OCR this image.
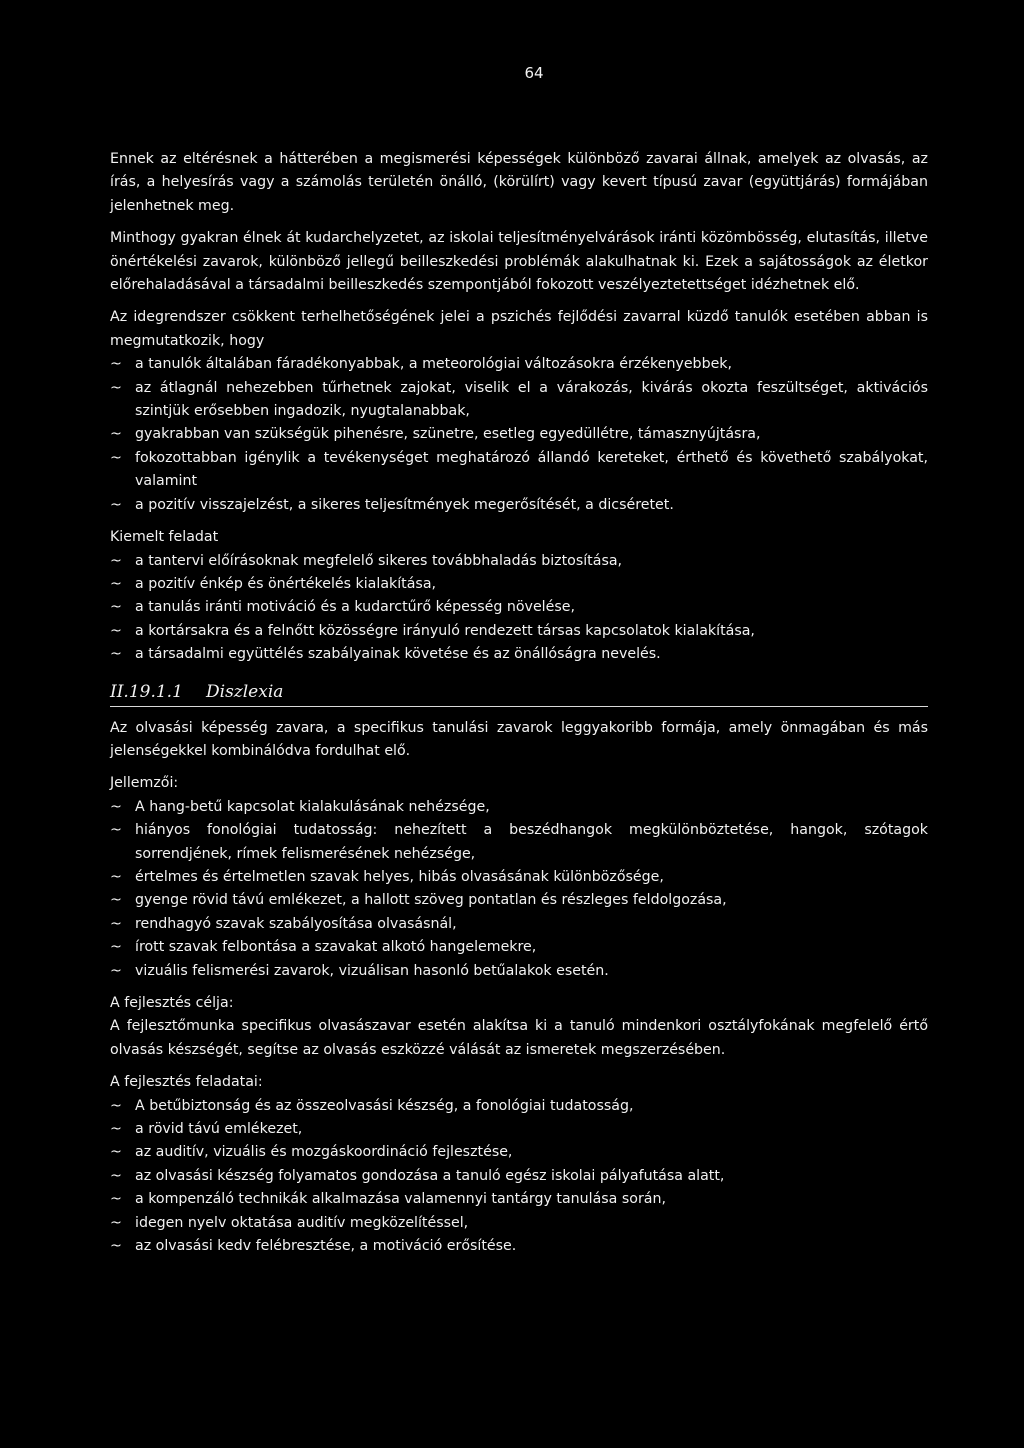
64

Ennek az eltérésnek a hátterében a megismerési képességek különböző zavarai állnak, amelyek az olvasás, az írás, a helyesírás vagy a számolás területén önálló, (körülírt) vagy kevert típusú zavar (együttjárás) formájában jelenhetnek meg.

Minthogy gyakran élnek át kudarchelyzetet, az iskolai teljesítményelvárások iránti közömbösség, elutasítás, illetve önértékelési zavarok, különböző jellegű beilleszkedési problémák alakulhatnak ki. Ezek a sajátosságok az életkor előrehaladásával a társadalmi beilleszkedés szempontjából fokozott veszélyeztetettséget idézhetnek elő.

Az idegrendszer csökkent terhelhetőségének jelei a pszichés fejlődési zavarral küzdő tanulók esetében abban is megmutatkozik, hogy

~ a tanulók általában fáradékonyabbak, a meteorológiai változásokra érzékenyebbek,
~ az átlagnál nehezebben tűrhetnek zajokat, viselik el a várakozás, kivárás okozta feszültséget, aktivációs szintjük erősebben ingadozik, nyugtalanabbak,
~ gyakrabban van szükségük pihenésre, szünetre, esetleg egyedüllétre, támasznyújtásra,
~ fokozottabban igénylik a tevékenységet meghatározó állandó kereteket, érthető és követhető szabályokat, valamint
~ a pozitív visszajelzést, a sikeres teljesítmények megerősítését, a dicséretet.

Kiemelt feladat

~ a tantervi előírásoknak megfelelő sikeres továbbhaladás biztosítása,
~ a pozitív énkép és önértékelés kialakítása,
~ a tanulás iránti motiváció és a kudarctűrő képesség növelése,
~ a kortársakra és a felnőtt közösségre irányuló rendezett társas kapcsolatok kialakítása,
~ a társadalmi együttélés szabályainak követése és az önállóságra nevelés.
II.19.1.1	Diszlexia

Az olvasási képesség zavara, a specifikus tanulási zavarok leggyakoribb formája, amely önmagában és más jelenségekkel kombinálódva fordulhat elő.

Jellemzői:

~ A hang-betű kapcsolat kialakulásának nehézsége,
~ hiányos fonológiai tudatosság: nehezített a beszédhangok megkülönböztetése, hangok, szótagok sorrendjének, rímek felismerésének nehézsége,
~ értelmes és értelmetlen szavak helyes, hibás olvasásának különbözősége,
~ gyenge rövid távú emlékezet, a hallott szöveg pontatlan és részleges feldolgozása,
~ rendhagyó szavak szabályosítása olvasásnál,
~ írott szavak felbontása a szavakat alkotó hangelemekre,
~ vizuális felismerési zavarok, vizuálisan hasonló betűalakok esetén.

A fejlesztés célja:

A fejlesztőmunka specifikus olvasászavar esetén alakítsa ki a tanuló mindenkori osztályfokának megfelelő értő olvasás készségét, segítse az olvasás eszközzé válását az ismeretek megszerzésében.

A fejlesztés feladatai:

~ A betűbiztonság és az összeolvasási készség, a fonológiai tudatosság,
~ a rövid távú emlékezet,
~ az auditív, vizuális és mozgáskoordináció fejlesztése,
~ az olvasási készség folyamatos gondozása a tanuló egész iskolai pályafutása alatt,
~ a kompenzáló technikák alkalmazása valamennyi tantárgy tanulása során,
~ idegen nyelv oktatása auditív megközelítéssel,
~ az olvasási kedv felébresztése, a motiváció erősítése.
